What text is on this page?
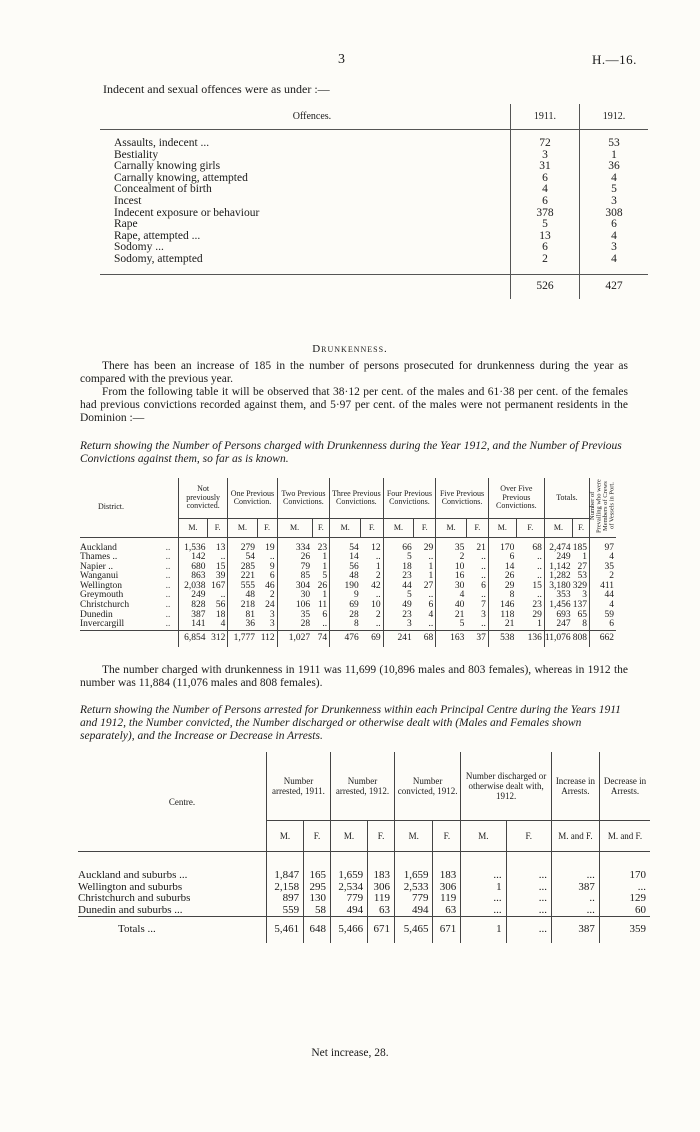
3	H.—16.
Indecent and sexual offences were as under :—
Offences.	1911.	1912.

Assaults, indecent ...	72	53
Bestiality	3	1
Carnally knowing girls	31	36
Carnally knowing, attempted	6	4
Concealment of birth	4	5
Incest	6	3
Indecent exposure or behaviour	378	308
Rape	5	6
Rape, attempted ...	13	4
Sodomy ...	6	3
Sodomy, attempted	2	4

	526	427
Drunkenness.
There has been an increase of 185 in the number of persons prosecuted for drunkenness during the year as compared with the previous year.
From the following table it will be observed that 38·12 per cent. of the males and 61·38 per cent. of the females had previous convictions recorded against them, and 5·97 per cent. of the males were not permanent residents in the Dominion :—
Return showing the Number of Persons charged with Drunkenness during the Year 1912, and the Number of Previous Convictions against them, so far as is known.
District.		Not previously convicted.		One Previous Conviction.		Two Previous Convictions.		Three Previous Convictions.		Four Previous Convictions.		Five Previous Convictions.		Over Five Previous Convictions.		Totals.		Number of Prevailing who were Members of Crews of Vessels in Port.
		M.	F.	M.	F.	M.	F.	M.	F.	M.	F.	M.	F.	M.	F.	M.	F.	

Auckland	..	1,536	13	279	19	334	23	54	12	66	29	35	21	170	68	2,474	185	97
Thames ..	..	142	..	54	..	26	1	14	..	5	..	2	..	6	..	249	1	4
Napier ..	..	680	15	285	9	79	1	56	1	18	1	10	..	14	..	1,142	27	35
Wanganui	..	863	39	221	6	85	5	48	2	23	1	16	..	26	..	1,282	53	2
Wellington	..	2,038	167	555	46	304	26	190	42	44	27	30	6	29	15	3,180	329	411
Greymouth	..	249	..	48	2	30	1	9	..	5	..	4	..	8	..	353	3	44
Christchurch	..	828	56	218	24	106	11	69	10	49	6	40	7	146	23	1,456	137	4
Dunedin	..	387	18	81	3	35	6	28	2	23	4	21	3	118	29	693	65	59
Invercargill	..	141	4	36	3	28	..	8	..	3	..	5	..	21	1	247	8	6
		6,854	312	1,777	112	1,027	74	476	69	241	68	163	37	538	136	11,076	808	662
The number charged with drunkenness in 1911 was 11,699 (10,896 males and 803 females), whereas in 1912 the number was 11,884 (11,076 males and 808 females).
Return showing the Number of Persons arrested for Drunkenness within each Principal Centre during the Years 1911 and 1912, the Number convicted, the Number discharged or otherwise dealt with (Males and Females shown separately), and the Increase or Decrease in Arrests.
Centre.	Number arrested, 1911.		Number arrested, 1912.		Number convicted, 1912.		Number discharged or otherwise dealt with, 1912.		Increase in Arrests.	Decrease in Arrests.
	M.	F.	M.	F.	M.	F.	M.	F.	M. and F.	M. and F.

Auckland and suburbs ...	1,847	165	1,659	183	1,659	183	...	...	...	170
Wellington and suburbs	2,158	295	2,534	306	2,533	306	1	...	387	...
Christchurch and suburbs	897	130	779	119	779	119	...	...	..	129
Dunedin and suburbs ...	559	58	494	63	494	63	...	...	...	60
Totals ...	5,461	648	5,466	671	5,465	671	1	...	387	359
Net increase, 28.
